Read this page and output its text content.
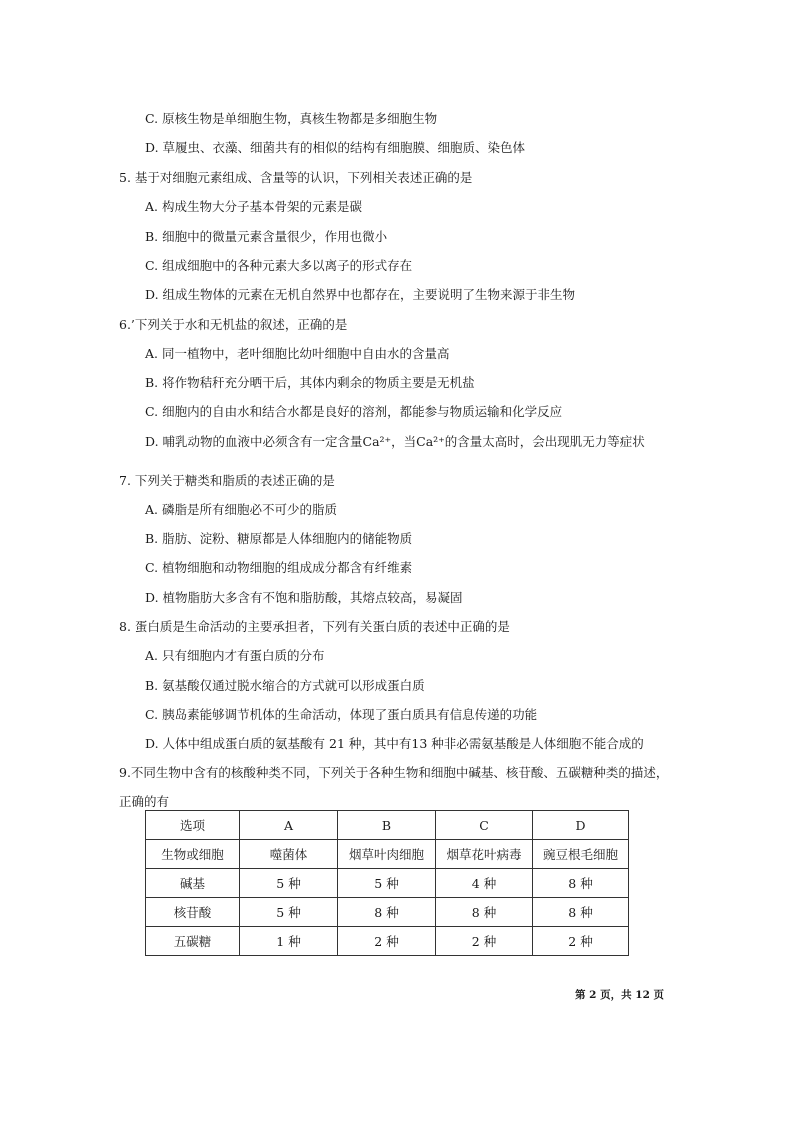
C. 原核生物是单细胞生物，真核生物都是多细胞生物
D. 草履虫、衣藻、细菌共有的相似的结构有细胞膜、细胞质、染色体
5. 基于对细胞元素组成、含量等的认识，下列相关表述正确的是
A. 构成生物大分子基本骨架的元素是碳
B. 细胞中的微量元素含量很少，作用也微小
C. 组成细胞中的各种元素大多以离子的形式存在
D. 组成生物体的元素在无机自然界中也都存在，主要说明了生物来源于非生物
6.’下列关于水和无机盐的叙述，正确的是
A. 同一植物中，老叶细胞比幼叶细胞中自由水的含量高
B. 将作物秸秆充分晒干后，其体内剩余的物质主要是无机盐
C. 细胞内的自由水和结合水都是良好的溶剂，都能参与物质运输和化学反应
D. 哺乳动物的血液中必须含有一定含量Ca²⁺，当Ca²⁺的含量太高时，会出现肌无力等症状
7. 下列关于糖类和脂质的表述正确的是
A. 磷脂是所有细胞必不可少的脂质
B. 脂肪、淀粉、糖原都是人体细胞内的储能物质
C. 植物细胞和动物细胞的组成成分都含有纤维素
D. 植物脂肪大多含有不饱和脂肪酸，其熔点较高，易凝固
8. 蛋白质是生命活动的主要承担者，下列有关蛋白质的表述中正确的是
A. 只有细胞内才有蛋白质的分布
B. 氨基酸仅通过脱水缩合的方式就可以形成蛋白质
C. 胰岛素能够调节机体的生命活动，体现了蛋白质具有信息传递的功能
D. 人体中组成蛋白质的氨基酸有 21 种，其中有13 种非必需氨基酸是人体细胞不能合成的
9.不同生物中含有的核酸种类不同，下列关于各种生物和细胞中碱基、核苷酸、五碳糖种类的描述，
正确的有
选项	A	B	C	D
生物或细胞	噬菌体	烟草叶肉细胞	烟草花叶病毒	豌豆根毛细胞
碱基	5 种	5 种	4 种	8 种
核苷酸	5 种	8 种	8 种	8 种
五碳糖	1 种	2 种	2 种	2 种
第 2 页，共 12 页
